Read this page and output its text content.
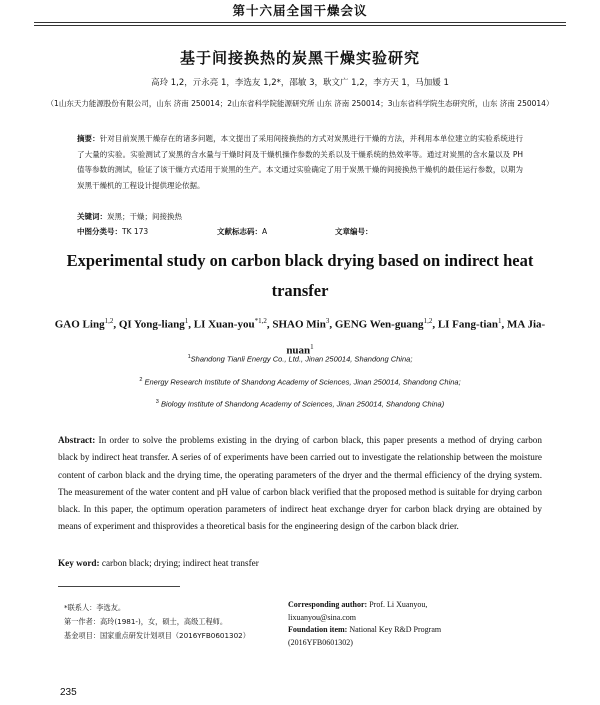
第十六届全国干燥会议
基于间接换热的炭黑干燥实验研究
高玲 1,2，亓永亮 1，李选友 1,2*，邵敏 3，耿文广 1,2，李方天 1，马加媛 1
（1山东天力能源股份有限公司，山东 济南 250014；2山东省科学院能源研究所 山东 济南 250014；3山东省科学院生态研究所，山东 济南 250014）

摘要：针对目前炭黑干燥存在的诸多问题，本文提出了采用间接换热的方式对炭黑进行干燥的方法，并利用本单位建立的实验系统进行了大量的实验。实验测试了炭黑的含水量与干燥时间及干燥机操作参数的关系以及干燥系统的热效率等。通过对炭黑的含水量以及 PH 值等参数的测试，验证了该干燥方式适用于炭黑的生产。本文通过实验确定了用于炭黑干燥的间接换热干燥机的最佳运行参数，以期为炭黑干燥机的工程设计提供理论依据。

关键词：炭黑；干燥；间接换热
中图分类号：TK 173	文献标志码：A	文章编号：
Experimental study on carbon black drying based on indirect heat transfer

GAO Ling$^{1,2}$, QI Yong-liang$^1$, LI Xuan-you$^{*1,2}$, SHAO Min$^3$, GENG Wen-guang$^{1,2}$, LI Fang-tian$^1$, MA Jia-nuan$^1$

$^1$Shandong Tianli Energy Co., Ltd., Jinan 250014, Shandong China;
$^2$ Energy Research Institute of Shandong Academy of Sciences, Jinan 250014, Shandong China;
$^3$ Biology Institute of Shandong Academy of Sciences, Jinan 250014, Shandong China)

Abstract: In order to solve the problems existing in the drying of carbon black, this paper presents a method of drying carbon black by indirect heat transfer. A series of of experiments have been carried out to investigate the relationship between the moisture content of carbon black and the drying time, the operating parameters of the dryer and the thermal efficiency of the drying system. The measurement of the water content and pH value of carbon black verified that the proposed method is suitable for drying carbon black. In this paper, the optimum operation parameters of indirect heat exchange dryer for carbon black drying are obtained by means of experiment and thisprovides a theoretical basis for the engineering design of the carbon black drier.

Key word: carbon black; drying; indirect heat transfer
*联系人：李选友。
第一作者：高玲(1981-)，女，硕士，高级工程师。
基金项目：国家重点研发计划项目（2016YFB0601302）
Corresponding author: Prof. Li Xuanyou,
lixuanyou@sina.com
Foundation item: National Key R&D Program
(2016YFB0601302)
235
